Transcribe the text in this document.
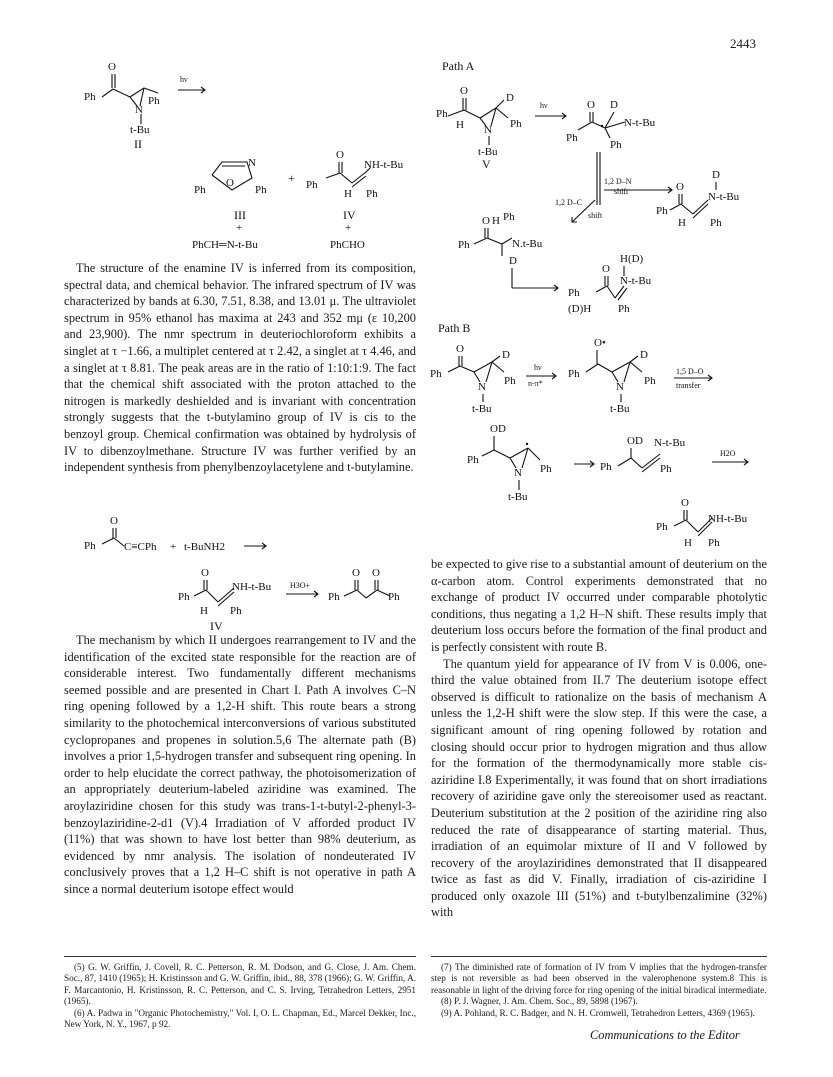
2443
O
Ph
N
Ph
t-Bu
II
hν
N
O
Ph	Ph
III
+
PhCH═N-t-Bu
+
O
NH-t-Bu
Ph
H Ph
IV
+
PhCHO
Path A
O
Ph
H N
D
Ph
t-Bu
V
hν	O D
N-t-Bu
Ph
Ph
1,2 D–N
shift
1,2 D–C
shift
O
D
N-t-Bu
Ph
H Ph
O H Ph
Ph	N.t-Bu
D	H(D)
O
N-t-Bu
Ph
(D)H Ph
Path B
O
Ph
N
D
Ph
t-Bu
hν
n-π*
O•
Ph
N
D
Ph
t-Bu
1,5 D–O
transfer
OD
Ph
N Ph
t-Bu
OD N-t-Bu
Ph	Ph
H2O
O
NH-t-Bu
Ph
H Ph
O
Ph	C≡CPh + t-BuNH2
O
NH-t-Bu
Ph
H Ph
IV
H3O+
O O
Ph	Ph

The structure of the enamine IV is inferred from its composition, spectral data, and chemical behavior. The infrared spectrum of IV was characterized by bands at 6.30, 7.51, 8.38, and 13.01 μ. The ultraviolet spectrum in 95% ethanol has maxima at 243 and 352 mμ (ε 10,200 and 23,900). The nmr spectrum in deuteriochloroform exhibits a singlet at τ −1.66, a multiplet centered at τ 2.42, a singlet at τ 4.46, and a singlet at τ 8.81. The peak areas are in the ratio of 1:10:1:9. The fact that the chemical shift associated with the proton attached to the nitrogen is markedly deshielded and is invariant with concentration strongly suggests that the t-butylamino group of IV is cis to the benzoyl group. Chemical confirmation was obtained by hydrolysis of IV to dibenzoylmethane. Structure IV was further verified by an independent synthesis from phenylbenzoylacetylene and t-butylamine.

The mechanism by which II undergoes rearrangement to IV and the identification of the excited state responsible for the reaction are of considerable interest. Two fundamentally different mechanisms seemed possible and are presented in Chart I. Path A involves C–N ring opening followed by a 1,2-H shift. This route bears a strong similarity to the photochemical interconversions of various substituted cyclopropanes and propenes in solution.5,6 The alternate path (B) involves a prior 1,5-hydrogen transfer and subsequent ring opening. In order to help elucidate the correct pathway, the photoisomerization of an appropriately deuterium-labeled aziridine was examined. The aroylaziridine chosen for this study was trans-1-t-butyl-2-phenyl-3-benzoylaziridine-2-d1 (V).4 Irradiation of V afforded product IV (11%) that was shown to have lost better than 98% deuterium, as evidenced by nmr analysis. The isolation of nondeuterated IV conclusively proves that a 1,2 H–C shift is not operative in path A since a normal deuterium isotope effect would

be expected to give rise to a substantial amount of deuterium on the α-carbon atom. Control experiments demonstrated that no exchange of product IV occurred under comparable photolytic conditions, thus negating a 1,2 H–N shift. These results imply that deuterium loss occurs before the formation of the final product and is perfectly consistent with route B.

The quantum yield for appearance of IV from V is 0.006, one-third the value obtained from II.7 The deuterium isotope effect observed is difficult to rationalize on the basis of mechanism A unless the 1,2-H shift were the slow step. If this were the case, a significant amount of ring opening followed by rotation and closing should occur prior to hydrogen migration and thus allow for the formation of the thermodynamically more stable cis-aziridine I.8 Experimentally, it was found that on short irradiations recovery of aziridine gave only the stereoisomer used as reactant. Deuterium substitution at the 2 position of the aziridine ring also reduced the rate of disappearance of starting material. Thus, irradiation of an equimolar mixture of II and V followed by recovery of the aroylaziridines demonstrated that II disappeared twice as fast as did V. Finally, irradiation of cis-aziridine I produced only oxazole III (51%) and t-butylbenzalimine (32%) with

(5) G. W. Griffin, J. Covell, R. C. Petterson, R. M. Dodson, and G. Close, J. Am. Chem. Soc., 87, 1410 (1965); H. Kristinsson and G. W. Griffin, ibid., 88, 378 (1966); G. W. Griffin, A. F. Marcantonio, H. Kristinsson, R. C. Petterson, and C. S. Irving, Tetrahedron Letters, 2951 (1965).

(6) A. Padwa in "Organic Photochemistry," Vol. I, O. L. Chapman, Ed., Marcel Dekker, Inc., New York, N. Y., 1967, p 92.

(7) The diminished rate of formation of IV from V implies that the hydrogen-transfer step is not reversible as had been observed in the valerophenone system.8 This is reasonable in light of the driving force for ring opening of the initial biradical intermediate.

(8) P. J. Wagner, J. Am. Chem. Soc., 89, 5898 (1967).

(9) A. Pohland, R. C. Badger, and N. H. Cromwell, Tetrahedron Letters, 4369 (1965).

Communications to the Editor
